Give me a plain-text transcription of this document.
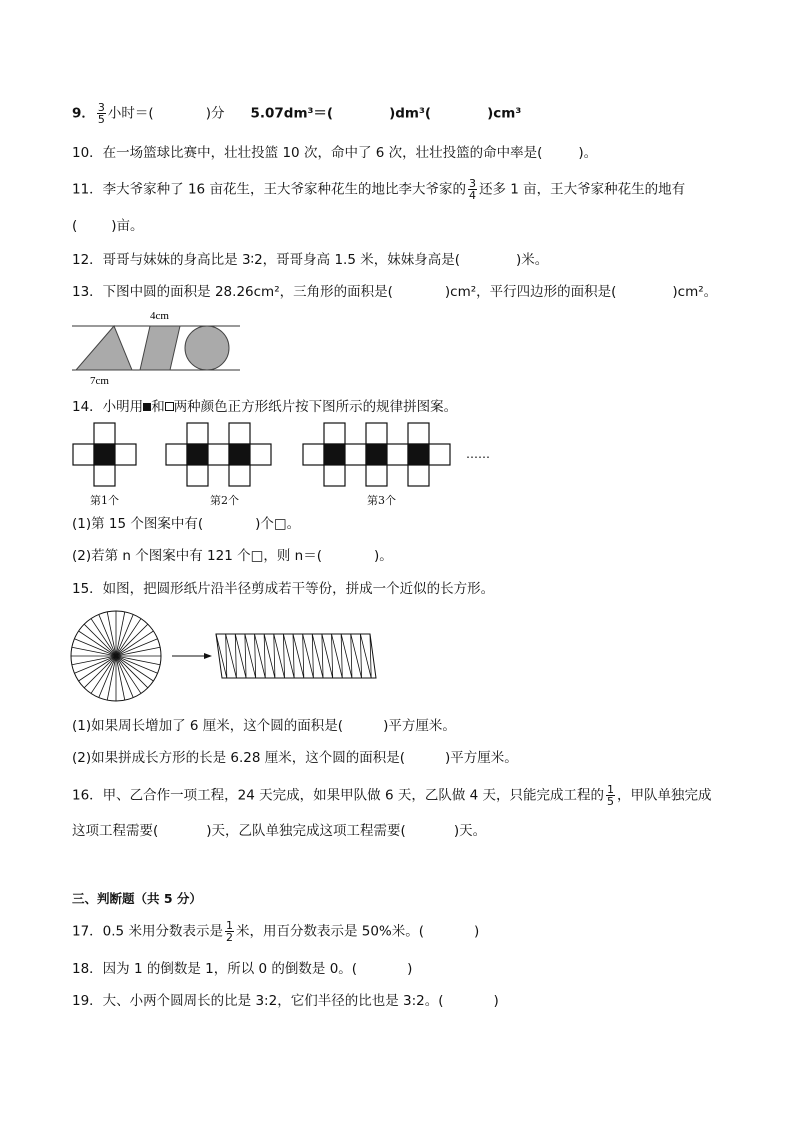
9． $\frac{3}{5}$ 小时＝(	)分 5.07dm³＝(	)dm³(	)cm³
10．在一场篮球比赛中，壮壮投篮 10 次，命中了 6 次，壮壮投篮的命中率是(	)。
11．李大爷家种了 16 亩花生，王大爷家种花生的地比李大爷家的 $\frac{3}{4}$ 还多 1 亩，王大爷家种花生的地有
(	)亩。
12．哥哥与妹妹的身高比是 3∶2，哥哥身高 1.5 米，妹妹身高是(	)米。
13．下图中圆的面积是 28.26cm²，三角形的面积是(	)cm²，平行四边形的面积是(	)cm²。
4cm
7cm
14．小明用 和 两种颜色正方形纸片按下图所示的规律拼图案。
……
第1个	第2个	第3个
(1)第 15 个图案中有(	)个□。
(2)若第 n 个图案中有 121 个□，则 n＝(	)。
15．如图，把圆形纸片沿半径剪成若干等份，拼成一个近似的长方形。
(1)如果周长增加了 6 厘米，这个圆的面积是(	)平方厘米。
(2)如果拼成长方形的长是 6.28 厘米，这个圆的面积是(	)平方厘米。
16．甲、乙合作一项工程，24 天完成，如果甲队做 6 天，乙队做 4 天，只能完成工程的 $\frac{1}{5}$ ，甲队单独完成
这项工程需要(	)天，乙队单独完成这项工程需要(	)天。
三、判断题（共 5 分）
17．0.5 米用分数表示是 $\frac{1}{2}$ 米，用百分数表示是 50%米。(	)
18．因为 1 的倒数是 1，所以 0 的倒数是 0。(	)
19．大、小两个圆周长的比是 3:2，它们半径的比也是 3:2。(	)
